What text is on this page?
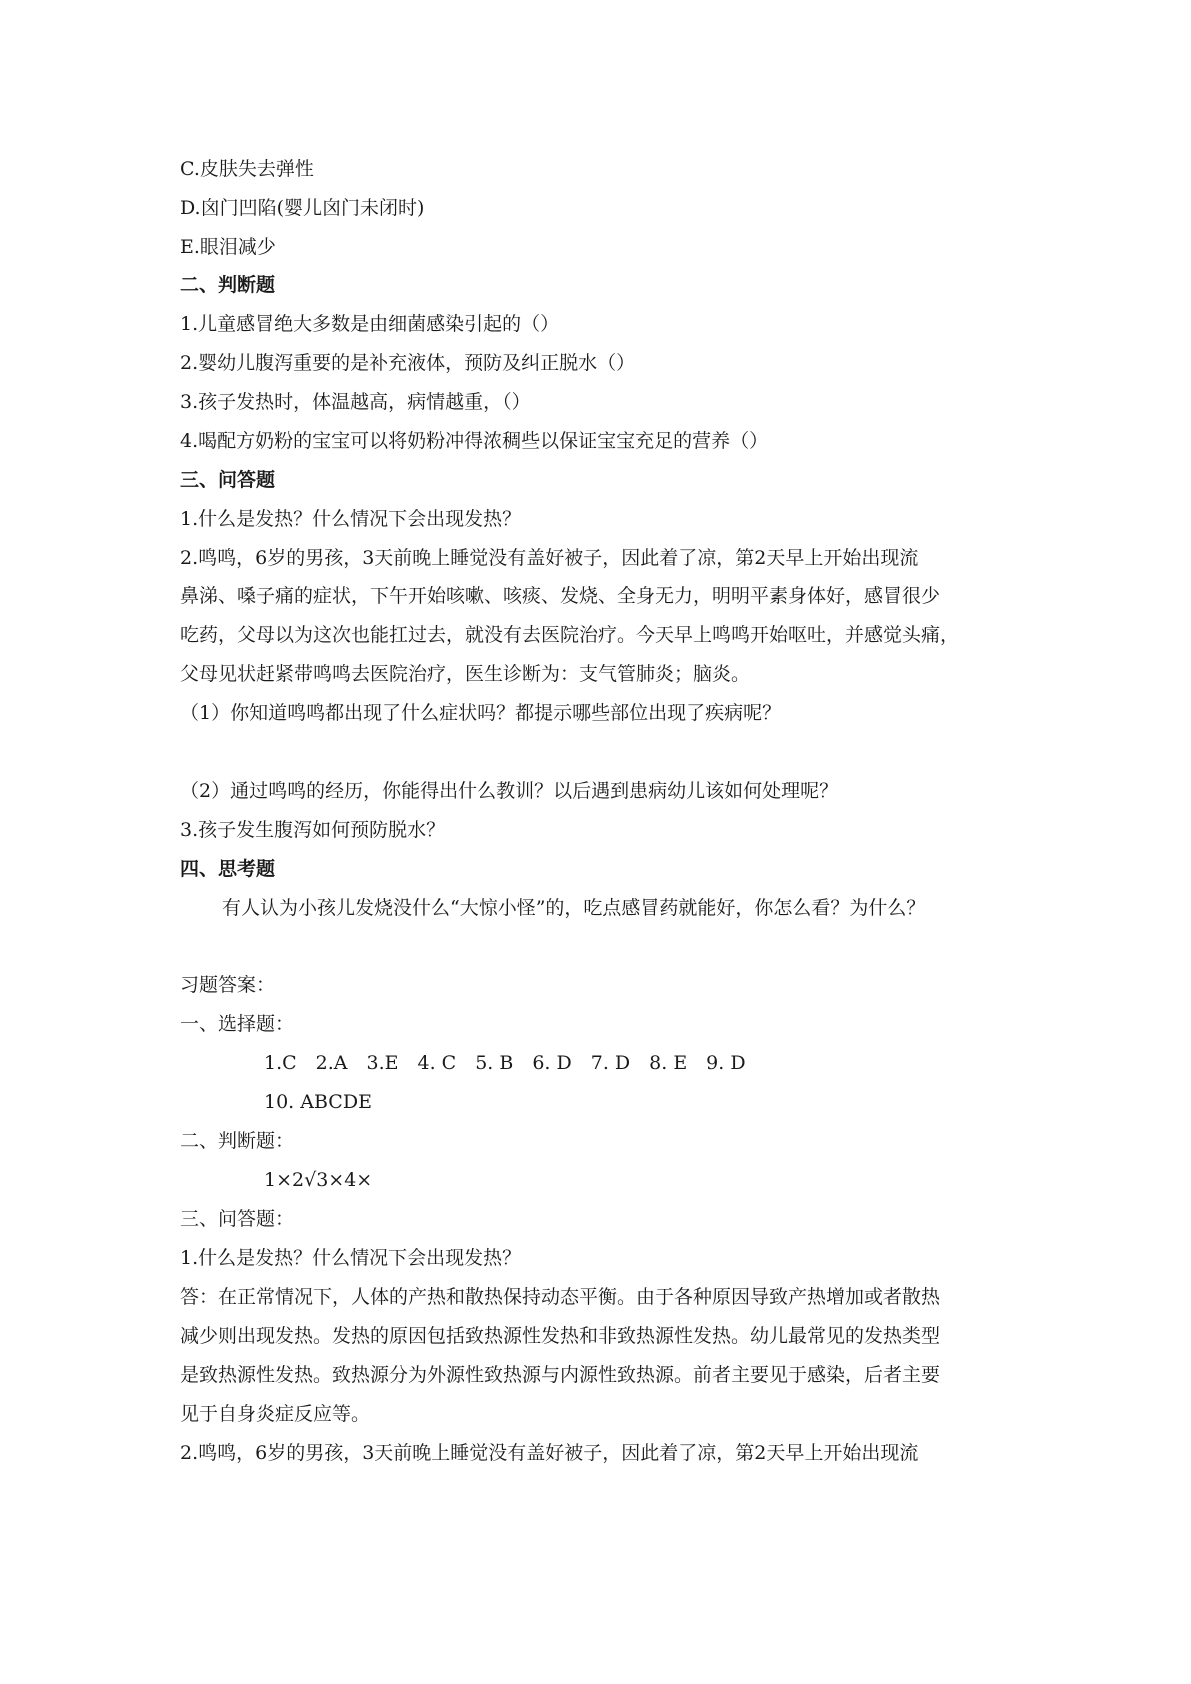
C.皮肤失去弹性
D.囟门凹陷(婴儿囟门未闭时)
E.眼泪减少
二、判断题
1.儿童感冒绝大多数是由细菌感染引起的（）
2.婴幼儿腹泻重要的是补充液体，预防及纠正脱水（）
3.孩子发热时，体温越高，病情越重，（）
4.喝配方奶粉的宝宝可以将奶粉冲得浓稠些以保证宝宝充足的营养（）
三、问答题
1.什么是发热？什么情况下会出现发热？
2.鸣鸣，6岁的男孩，3天前晚上睡觉没有盖好被子，因此着了凉，第2天早上开始出现流
鼻涕、嗓子痛的症状，下午开始咳嗽、咳痰、发烧、全身无力，明明平素身体好，感冒很少
吃药，父母以为这次也能扛过去，就没有去医院治疗。今天早上鸣鸣开始呕吐，并感觉头痛，
父母见状赶紧带鸣鸣去医院治疗，医生诊断为：支气管肺炎；脑炎。
（1）你知道鸣鸣都出现了什么症状吗？都提示哪些部位出现了疾病呢？
（2）通过鸣鸣的经历，你能得出什么教训？以后遇到患病幼儿该如何处理呢？
3.孩子发生腹泻如何预防脱水？
四、思考题
有人认为小孩儿发烧没什么“大惊小怪”的，吃点感冒药就能好，你怎么看？为什么？
习题答案：
一、选择题：
1.C　2.A　3.E　4. C　5. B　6. D　7. D　8. E　9. D
10. ABCDE
二、判断题：
1×2√3×4×
三、问答题：
1.什么是发热？什么情况下会出现发热？
答：在正常情况下，人体的产热和散热保持动态平衡。由于各种原因导致产热增加或者散热
减少则出现发热。发热的原因包括致热源性发热和非致热源性发热。幼儿最常见的发热类型
是致热源性发热。致热源分为外源性致热源与内源性致热源。前者主要见于感染，后者主要
见于自身炎症反应等。
2.鸣鸣，6岁的男孩，3天前晚上睡觉没有盖好被子，因此着了凉，第2天早上开始出现流
